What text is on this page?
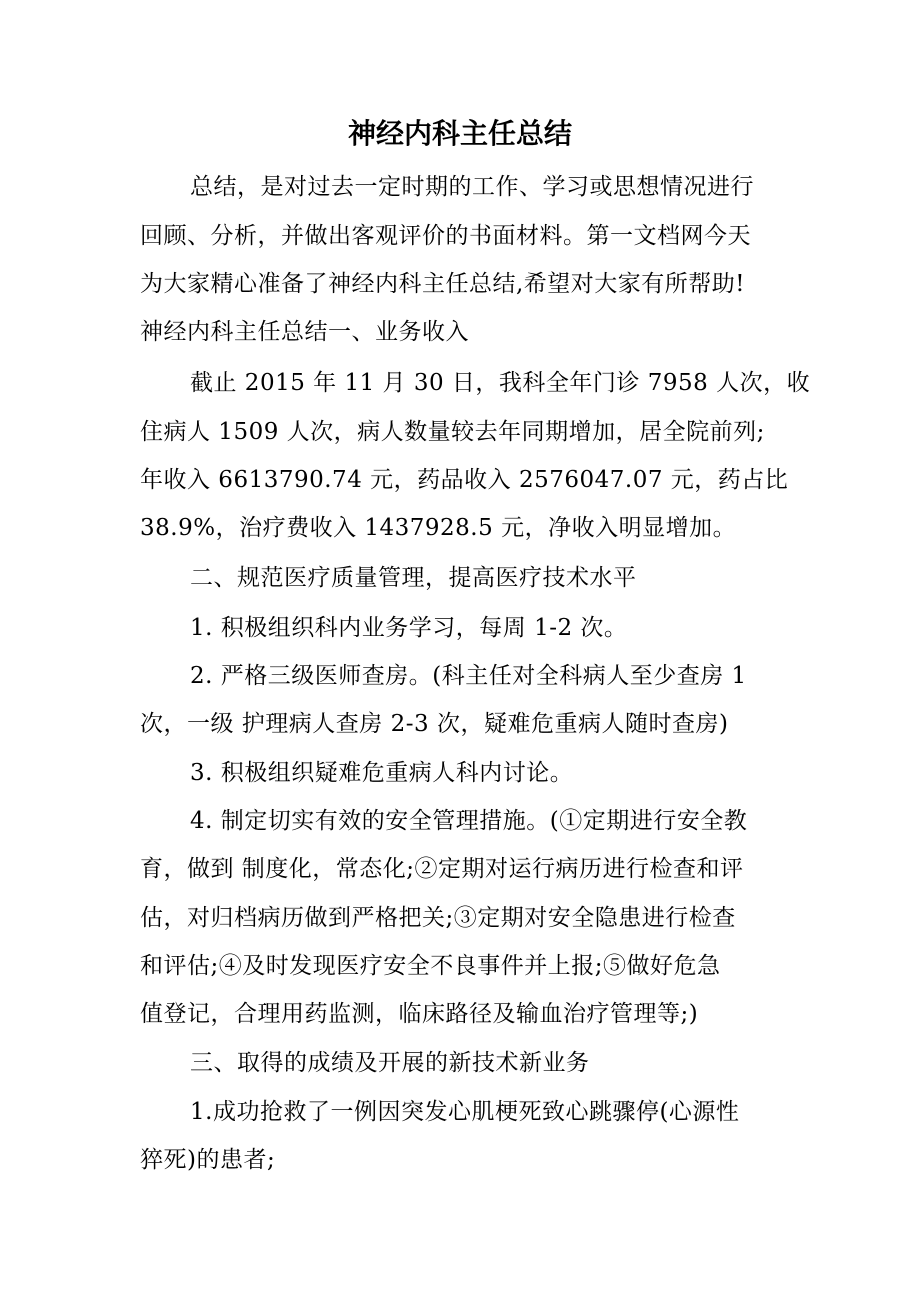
神经内科主任总结
总结，是对过去一定时期的工作、学习或思想情况进行
回顾、分析，并做出客观评价的书面材料。第一文档网今天
为大家精心准备了神经内科主任总结,希望对大家有所帮助!
神经内科主任总结一、业务收入
截止 2015 年 11 月 30 日，我科全年门诊 7958 人次，收
住病人 1509 人次，病人数量较去年同期增加，居全院前列;
年收入 6613790.74 元，药品收入 2576047.07 元，药占比
38.9%，治疗费收入 1437928.5 元，净收入明显增加。
二、规范医疗质量管理，提高医疗技术水平
1. 积极组织科内业务学习，每周 1-2 次。
2. 严格三级医师查房。(科主任对全科病人至少查房 1
次，一级 护理病人查房 2-3 次，疑难危重病人随时查房)
3. 积极组织疑难危重病人科内讨论。
4. 制定切实有效的安全管理措施。(①定期进行安全教
育，做到 制度化，常态化;②定期对运行病历进行检查和评
估，对归档病历做到严格把关;③定期对安全隐患进行检查
和评估;④及时发现医疗安全不良事件并上报;⑤做好危急
值登记，合理用药监测，临床路径及输血治疗管理等;)
三、取得的成绩及开展的新技术新业务
1.成功抢救了一例因突发心肌梗死致心跳骤停(心源性
猝死)的患者;
